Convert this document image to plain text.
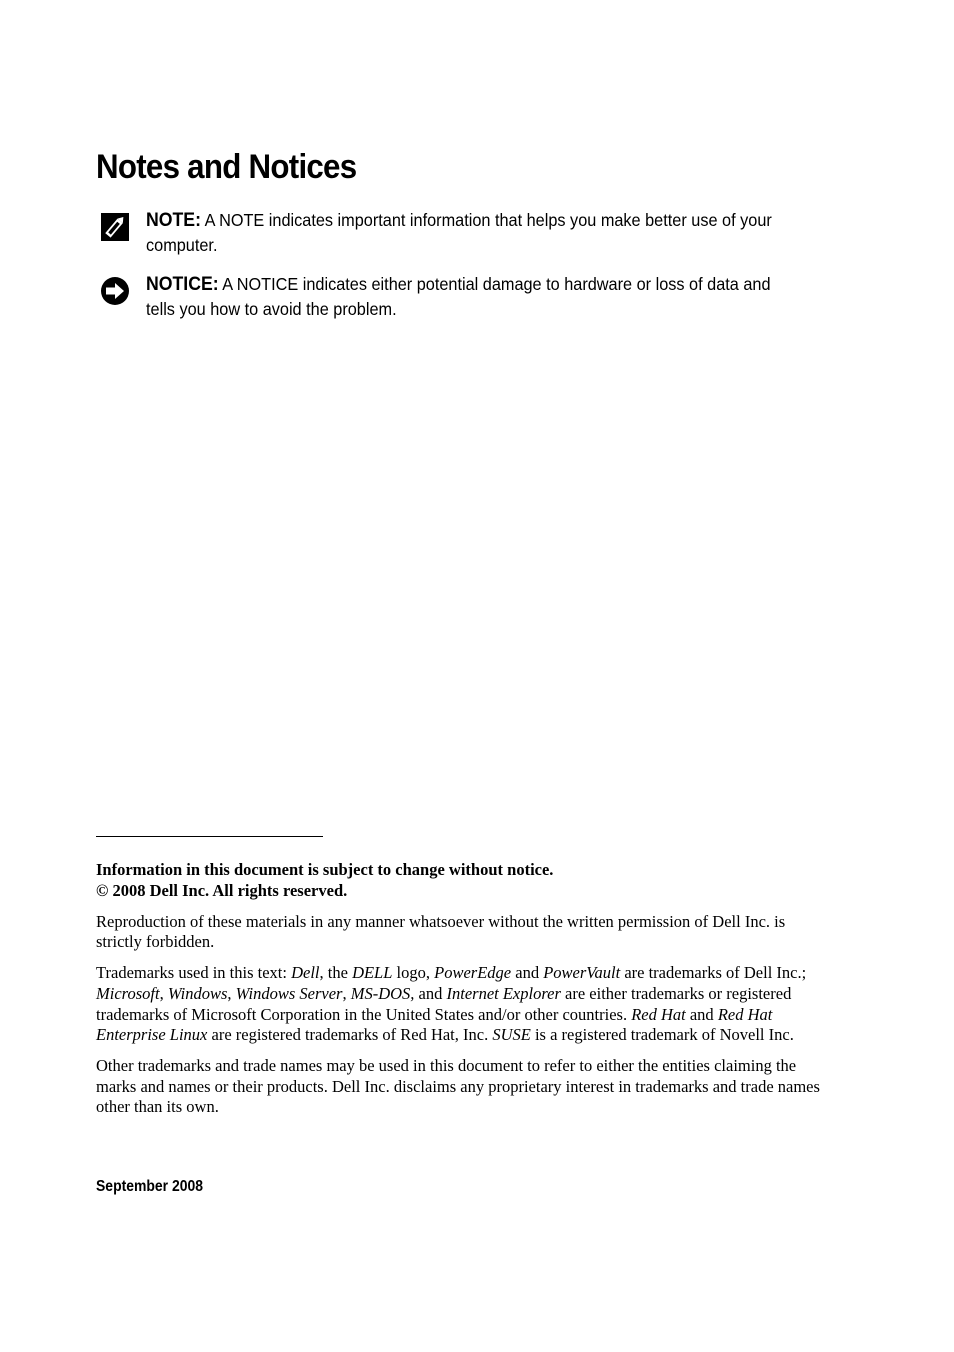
Notes and Notices
NOTE: A NOTE indicates important information that helps you make better use of your computer.
NOTICE: A NOTICE indicates either potential damage to hardware or loss of data and tells you how to avoid the problem.

Information in this document is subject to change without notice.
© 2008 Dell Inc. All rights reserved.

Reproduction of these materials in any manner whatsoever without the written permission of Dell Inc. is strictly forbidden.

Trademarks used in this text: Dell, the DELL logo, PowerEdge and PowerVault are trademarks of Dell Inc.; Microsoft, Windows, Windows Server, MS-DOS, and Internet Explorer are either trademarks or registered trademarks of Microsoft Corporation in the United States and/or other countries. Red Hat and Red Hat Enterprise Linux are registered trademarks of Red Hat, Inc. SUSE is a registered trademark of Novell Inc.

Other trademarks and trade names may be used in this document to refer to either the entities claiming the marks and names or their products. Dell Inc. disclaims any proprietary interest in trademarks and trade names other than its own.

September 2008
